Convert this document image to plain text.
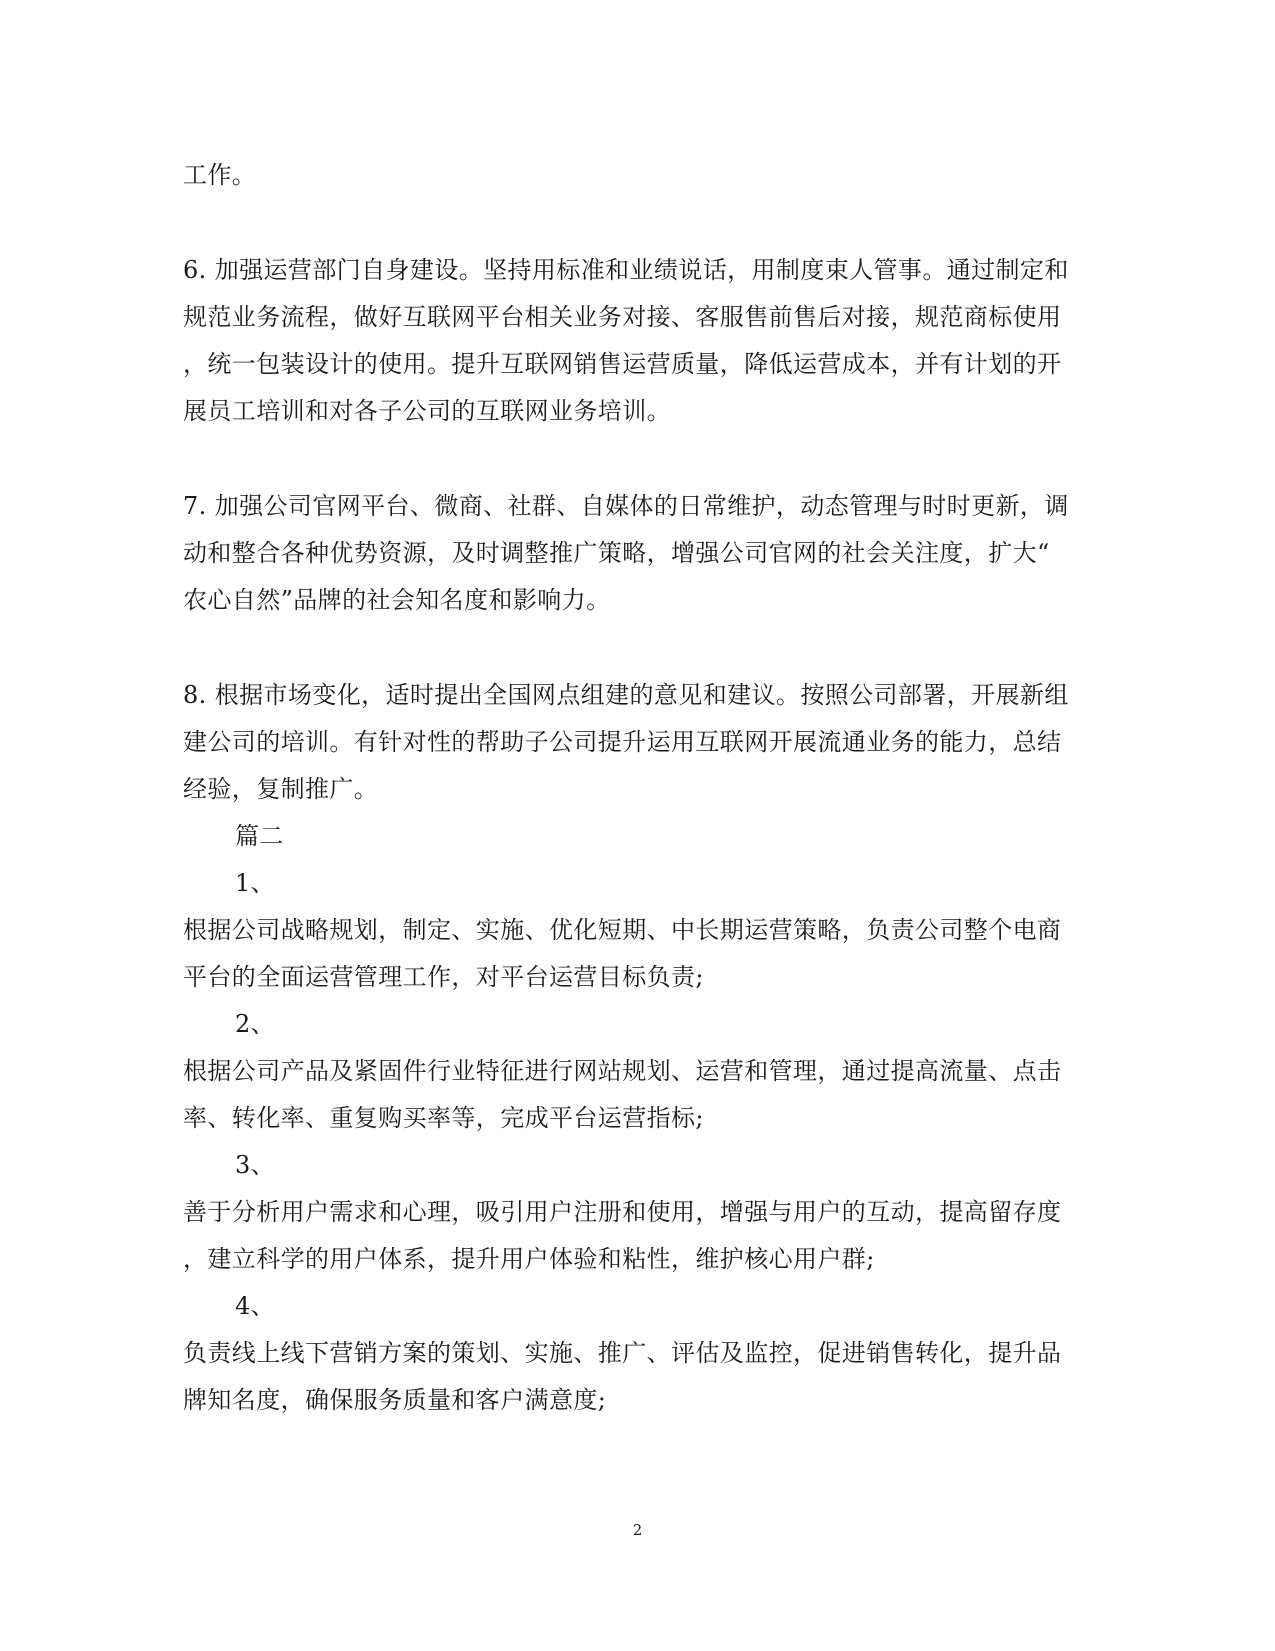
工作。
6. 加强运营部门自身建设。坚持用标准和业绩说话，用制度束人管事。通过制定和
规范业务流程，做好互联网平台相关业务对接、客服售前售后对接，规范商标使用
，统一包装设计的使用。提升互联网销售运营质量，降低运营成本，并有计划的开
展员工培训和对各子公司的互联网业务培训。
7. 加强公司官网平台、微商、社群、自媒体的日常维护，动态管理与时时更新，调
动和整合各种优势资源，及时调整推广策略，增强公司官网的社会关注度，扩大“
农心自然”品牌的社会知名度和影响力。
8. 根据市场变化，适时提出全国网点组建的意见和建议。按照公司部署，开展新组
建公司的培训。有针对性的帮助子公司提升运用互联网开展流通业务的能力，总结
经验，复制推广。
篇二
1、
根据公司战略规划，制定、实施、优化短期、中长期运营策略，负责公司整个电商
平台的全面运营管理工作，对平台运营目标负责;
2、
根据公司产品及紧固件行业特征进行网站规划、运营和管理，通过提高流量、点击
率、转化率、重复购买率等，完成平台运营指标;
3、
善于分析用户需求和心理，吸引用户注册和使用，增强与用户的互动，提高留存度
，建立科学的用户体系，提升用户体验和粘性，维护核心用户群;
4、
负责线上线下营销方案的策划、实施、推广、评估及监控，促进销售转化，提升品
牌知名度，确保服务质量和客户满意度;
2
